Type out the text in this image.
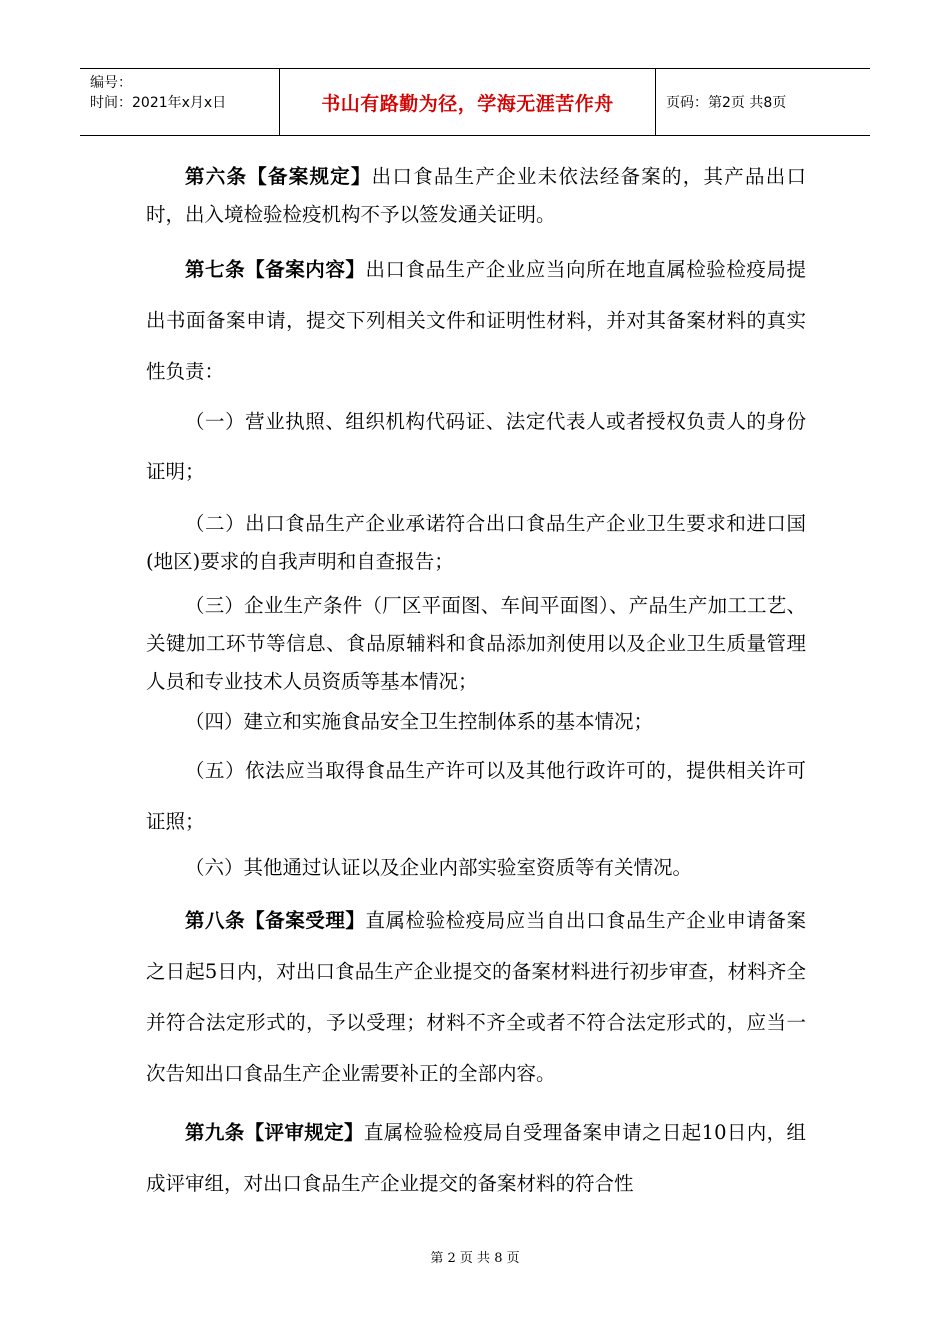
编号：
时间：2021年x月x日	书山有路勤为径，学海无涯苦作舟	页码：第2页 共8页

第六条【备案规定】出口食品生产企业未依法经备案的，其产品出口时，出入境检验检疫机构不予以签发通关证明。

第七条【备案内容】出口食品生产企业应当向所在地直属检验检疫局提出书面备案申请，提交下列相关文件和证明性材料，并对其备案材料的真实性负责：

（一）营业执照、组织机构代码证、法定代表人或者授权负责人的身份证明；

（二）出口食品生产企业承诺符合出口食品生产企业卫生要求和进口国(地区)要求的自我声明和自查报告；

（三）企业生产条件（厂区平面图、车间平面图）、产品生产加工工艺、关键加工环节等信息、食品原辅料和食品添加剂使用以及企业卫生质量管理人员和专业技术人员资质等基本情况；

（四）建立和实施食品安全卫生控制体系的基本情况；

（五）依法应当取得食品生产许可以及其他行政许可的，提供相关许可证照；

（六）其他通过认证以及企业内部实验室资质等有关情况。

第八条【备案受理】直属检验检疫局应当自出口食品生产企业申请备案之日起5日内，对出口食品生产企业提交的备案材料进行初步审查，材料齐全并符合法定形式的，予以受理；材料不齐全或者不符合法定形式的，应当一次告知出口食品生产企业需要补正的全部内容。

第九条【评审规定】直属检验检疫局自受理备案申请之日起10日内，组成评审组，对出口食品生产企业提交的备案材料的符合性

第 2 页 共 8 页
